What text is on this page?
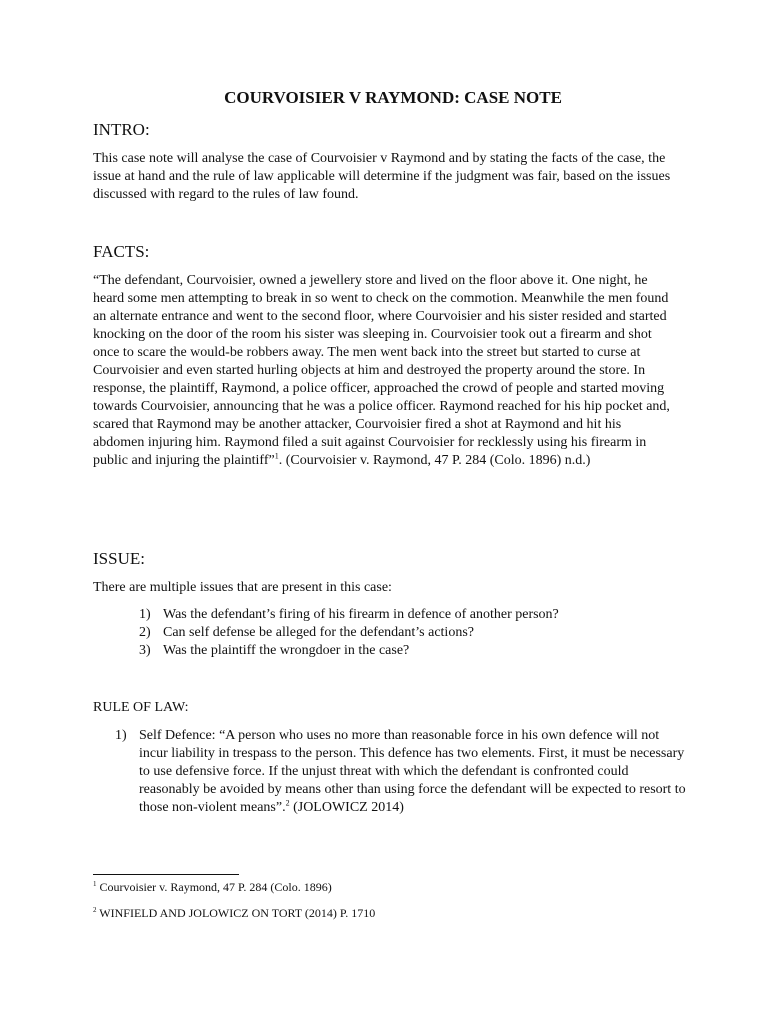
COURVOISIER V RAYMOND: CASE NOTE
INTRO:

This case note will analyse the case of Courvoisier v Raymond and by stating the facts of the case, the issue at hand and the rule of law applicable will determine if the judgment was fair, based on the issues discussed with regard to the rules of law found.

FACTS:

“The defendant, Courvoisier, owned a jewellery store and lived on the floor above it. One night, he heard some men attempting to break in so went to check on the commotion. Meanwhile the men found an alternate entrance and went to the second floor, where Courvoisier and his sister resided and started knocking on the door of the room his sister was sleeping in. Courvoisier took out a firearm and shot once to scare the would-be robbers away. The men went back into the street but started to curse at Courvoisier and even started hurling objects at him and destroyed the property around the store. In response, the plaintiff, Raymond, a police officer, approached the crowd of people and started moving towards Courvoisier, announcing that he was a police officer. Raymond reached for his hip pocket and, scared that Raymond may be another attacker, Courvoisier fired a shot at Raymond and hit his abdomen injuring him. Raymond filed a suit against Courvoisier for recklessly using his firearm in public and injuring the plaintiff”$^1$. (Courvoisier v. Raymond, 47 P. 284 (Colo. 1896) n.d.)

ISSUE:

There are multiple issues that are present in this case:

1) Was the defendant’s firing of his firearm in defence of another person?
2) Can self defense be alleged for the defendant’s actions?
3) Was the plaintiff the wrongdoer in the case?

RULE OF LAW:

1) Self Defence: “A person who uses no more than reasonable force in his own defence will not incur liability in trespass to the person. This defence has two elements. First, it must be necessary to use defensive force. If the unjust threat with which the defendant is confronted could reasonably be avoided by means other than using force the defendant will be expected to resort to those non-violent means”.$^2$ (JOLOWICZ 2014)

$^1$ Courvoisier v. Raymond, 47 P. 284 (Colo. 1896)

$^2$ WINFIELD AND JOLOWICZ ON TORT (2014) P. 1710
